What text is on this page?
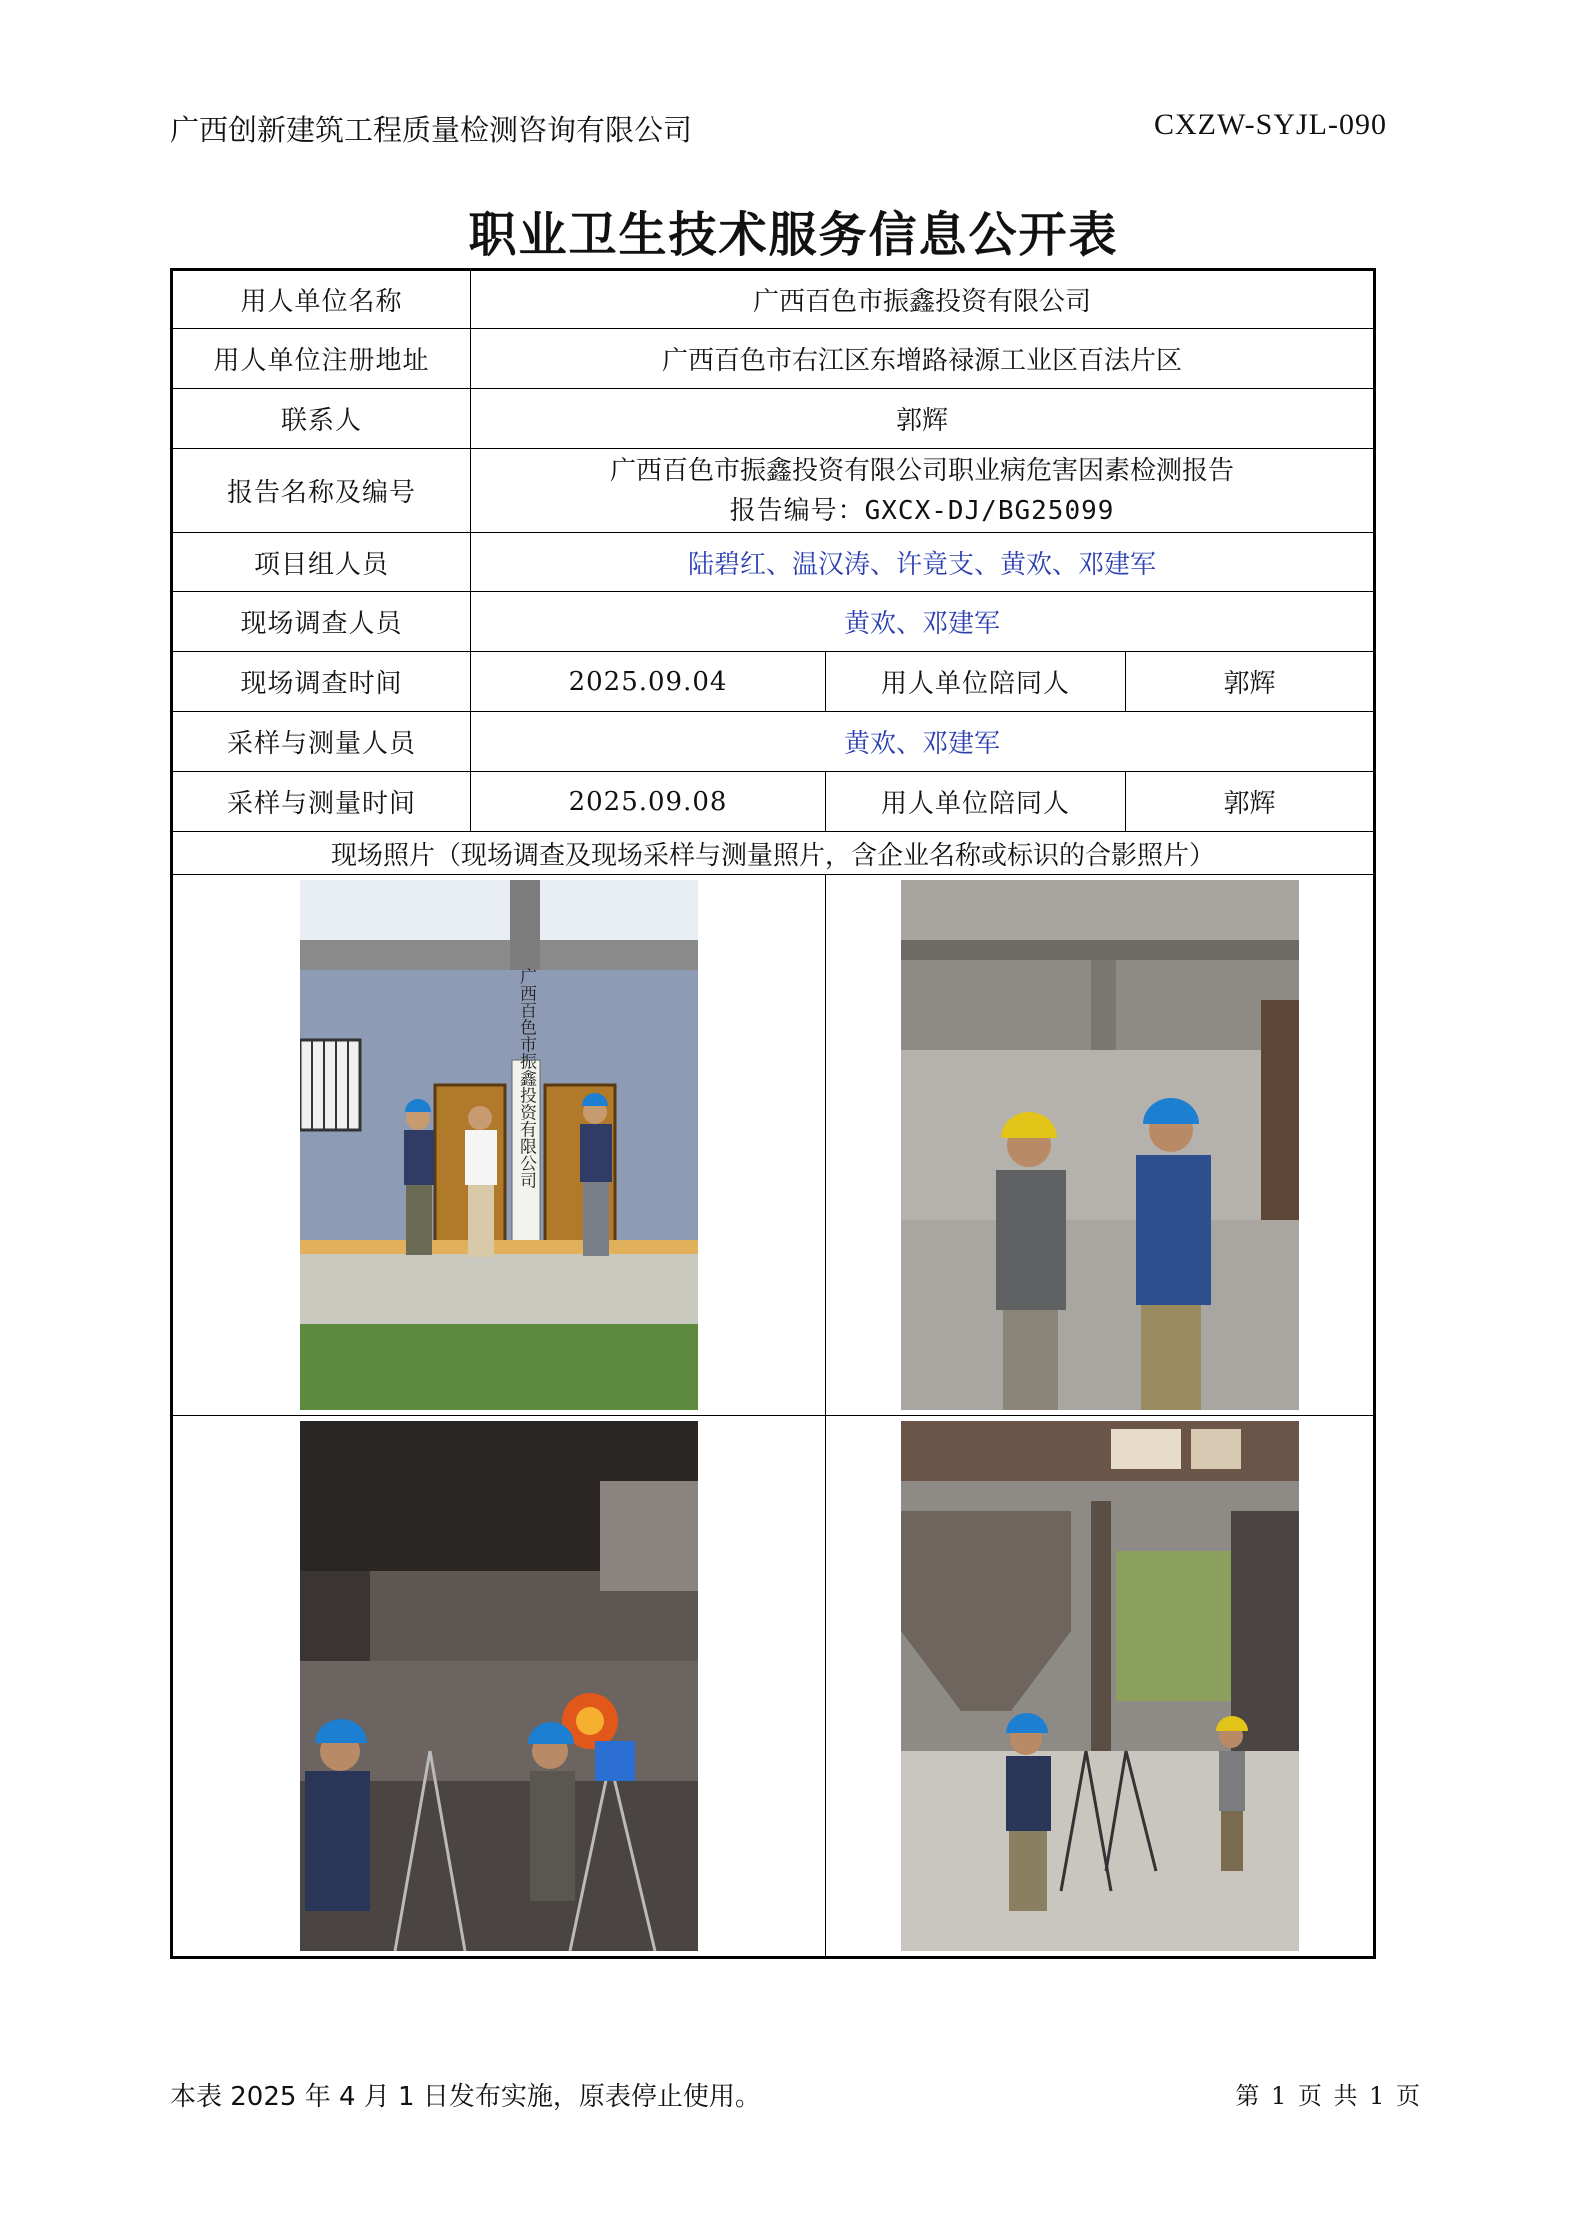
广西创新建筑工程质量检测咨询有限公司	CXZW-SYJL-090
职业卫生技术服务信息公开表
用人单位名称	广西百色市振鑫投资有限公司		
用人单位注册地址	广西百色市右江区东增路禄源工业区百法片区		
联系人	郭辉		
报告名称及编号	广西百色市振鑫投资有限公司职业病危害因素检测报告
报告编号：GXCX-DJ/BG25099		

项目组人员	陆碧红、温汉涛、许竟支、黄欢、邓建军		
现场调查人员	黄欢、邓建军		
现场调查时间	2025.09.04	用人单位陪同人	郭辉
采样与测量人员	黄欢、邓建军		
采样与测量时间	2025.09.08	用人单位陪同人	郭辉
现场照片（现场调查及现场采样与测量照片，含企业名称或标识的合影照片）			

广西百色市振鑫投资有限公司

本表 2025 年 4 月 1 日发布实施，原表停止使用。	第 1 页 共 1 页
